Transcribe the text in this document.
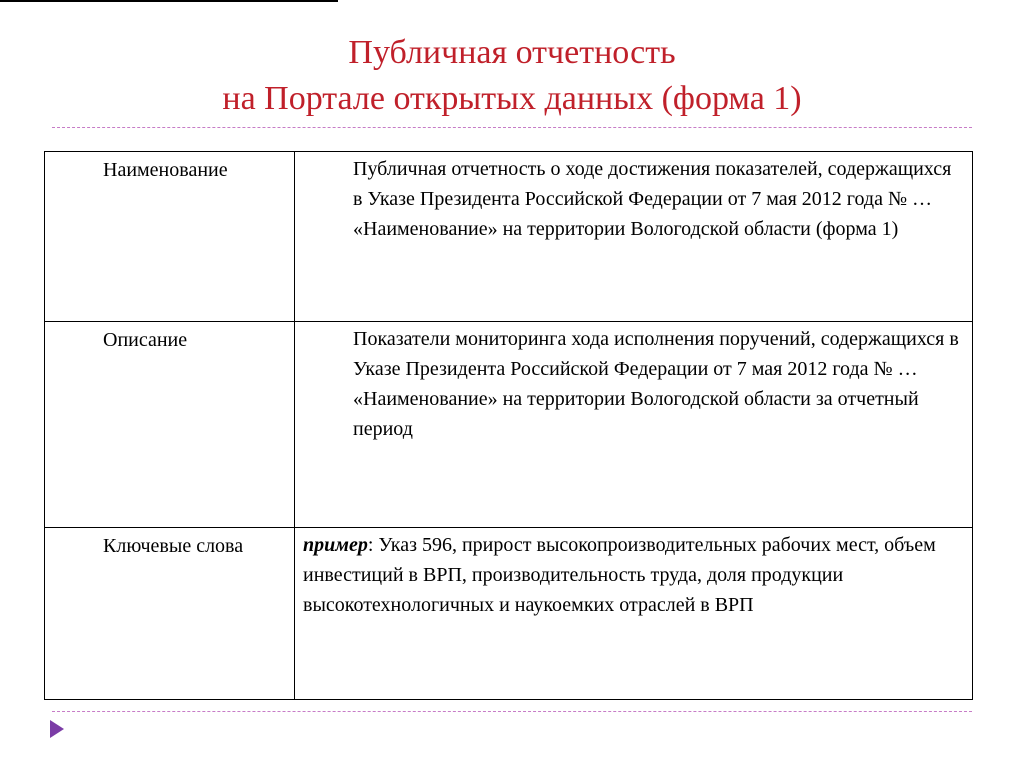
Публичная отчетность
на Портале открытых данных (форма 1)
Наименование	Публичная отчетность о ходе достижения показателей, содержащихся в Указе Президента Российской Федерации от 7 мая 2012 года № … «Наименование» на территории Вологодской области (форма 1)
Описание	Показатели мониторинга хода исполнения поручений, содержащихся в Указе Президента Российской Федерации от 7 мая 2012 года № … «Наименование» на территории Вологодской области за отчетный период
Ключевые слова	пример: Указ 596, прирост высокопроизводительных рабочих мест, объем инвестиций в ВРП, производительность труда, доля продукции высокотехнологичных и наукоемких отраслей в ВРП
